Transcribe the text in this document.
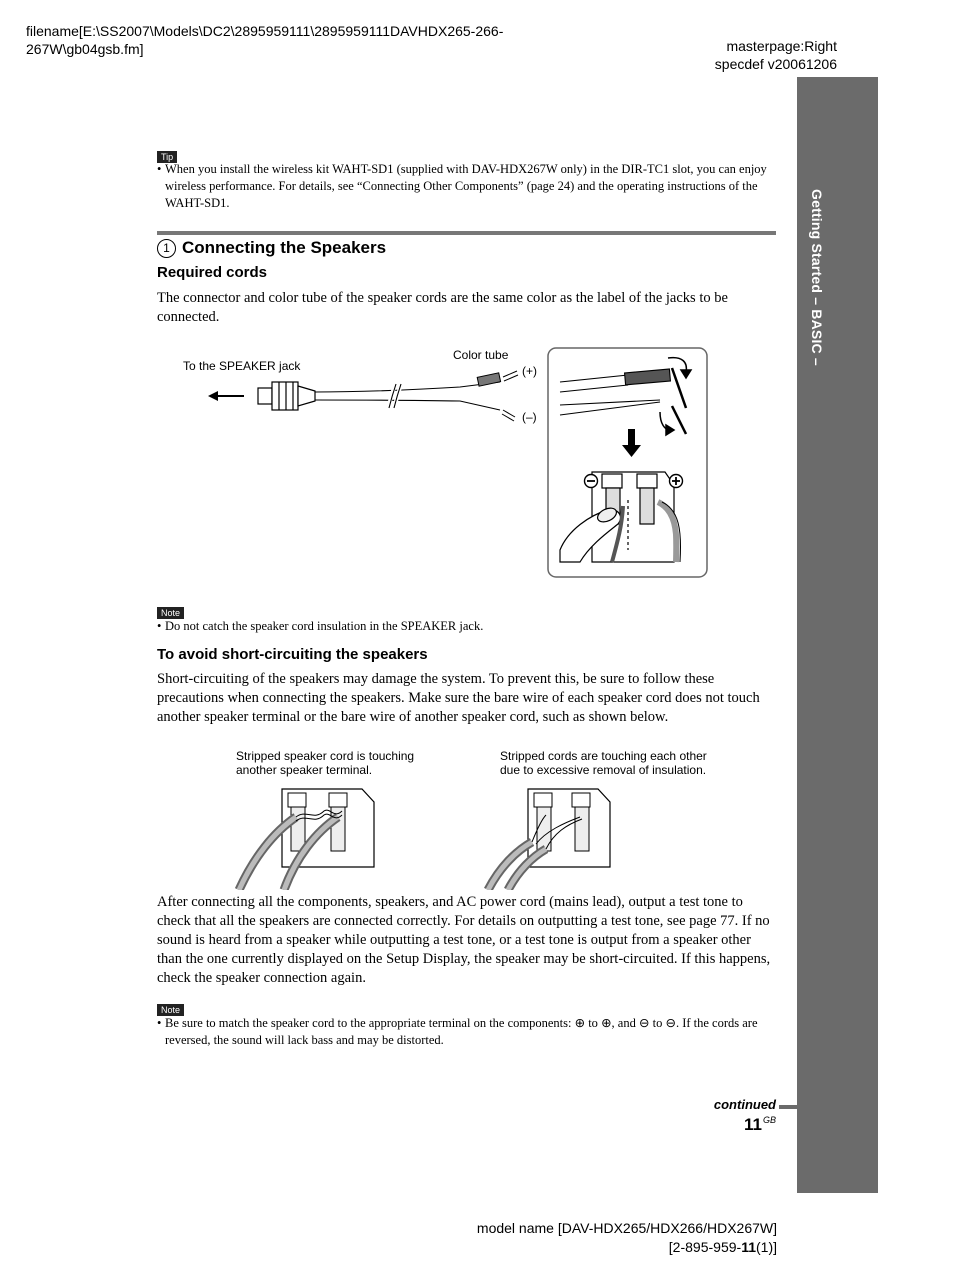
filename[E:\SS2007\Models\DC2\2895959111\2895959111DAVHDX265-266-
267W\gb04gsb.fm]	masterpage:Right
specdef v20061206
Getting Started – BASIC –
Tip
• When you install the wireless kit WAHT-SD1 (supplied with DAV-HDX267W only) in the DIR-TC1 slot, you can enjoy wireless performance. For details, see “Connecting Other Components” (page 24) and the operating instructions of the WAHT-SD1.
1 Connecting the Speakers
Required cords
The connector and color tube of the speaker cords are the same color as the label of the jacks to be connected.
To the SPEAKER jack
Color tube
(+)
(–)
Note
• Do not catch the speaker cord insulation in the SPEAKER jack.
To avoid short-circuiting the speakers
Short-circuiting of the speakers may damage the system. To prevent this, be sure to follow these precautions when connecting the speakers. Make sure the bare wire of each speaker cord does not touch another speaker terminal or the bare wire of another speaker cord, such as shown below.
Stripped speaker cord is touching
another speaker terminal.
Stripped cords are touching each other
due to excessive removal of insulation.
After connecting all the components, speakers, and AC power cord (mains lead), output a test tone to check that all the speakers are connected correctly. For details on outputting a test tone, see page 77. If no sound is heard from a speaker while outputting a test tone, or a test tone is output from a speaker other than the one currently displayed on the Setup Display, the speaker may be short-circuited. If this happens, check the speaker connection again.
Note
• Be sure to match the speaker cord to the appropriate terminal on the components: ⊕ to ⊕, and ⊖ to ⊖. If the cords are reversed, the sound will lack bass and may be distorted.
continued
$11^{GB}$
model name [DAV-HDX265/HDX266/HDX267W]
[2-895-959-11(1)]
